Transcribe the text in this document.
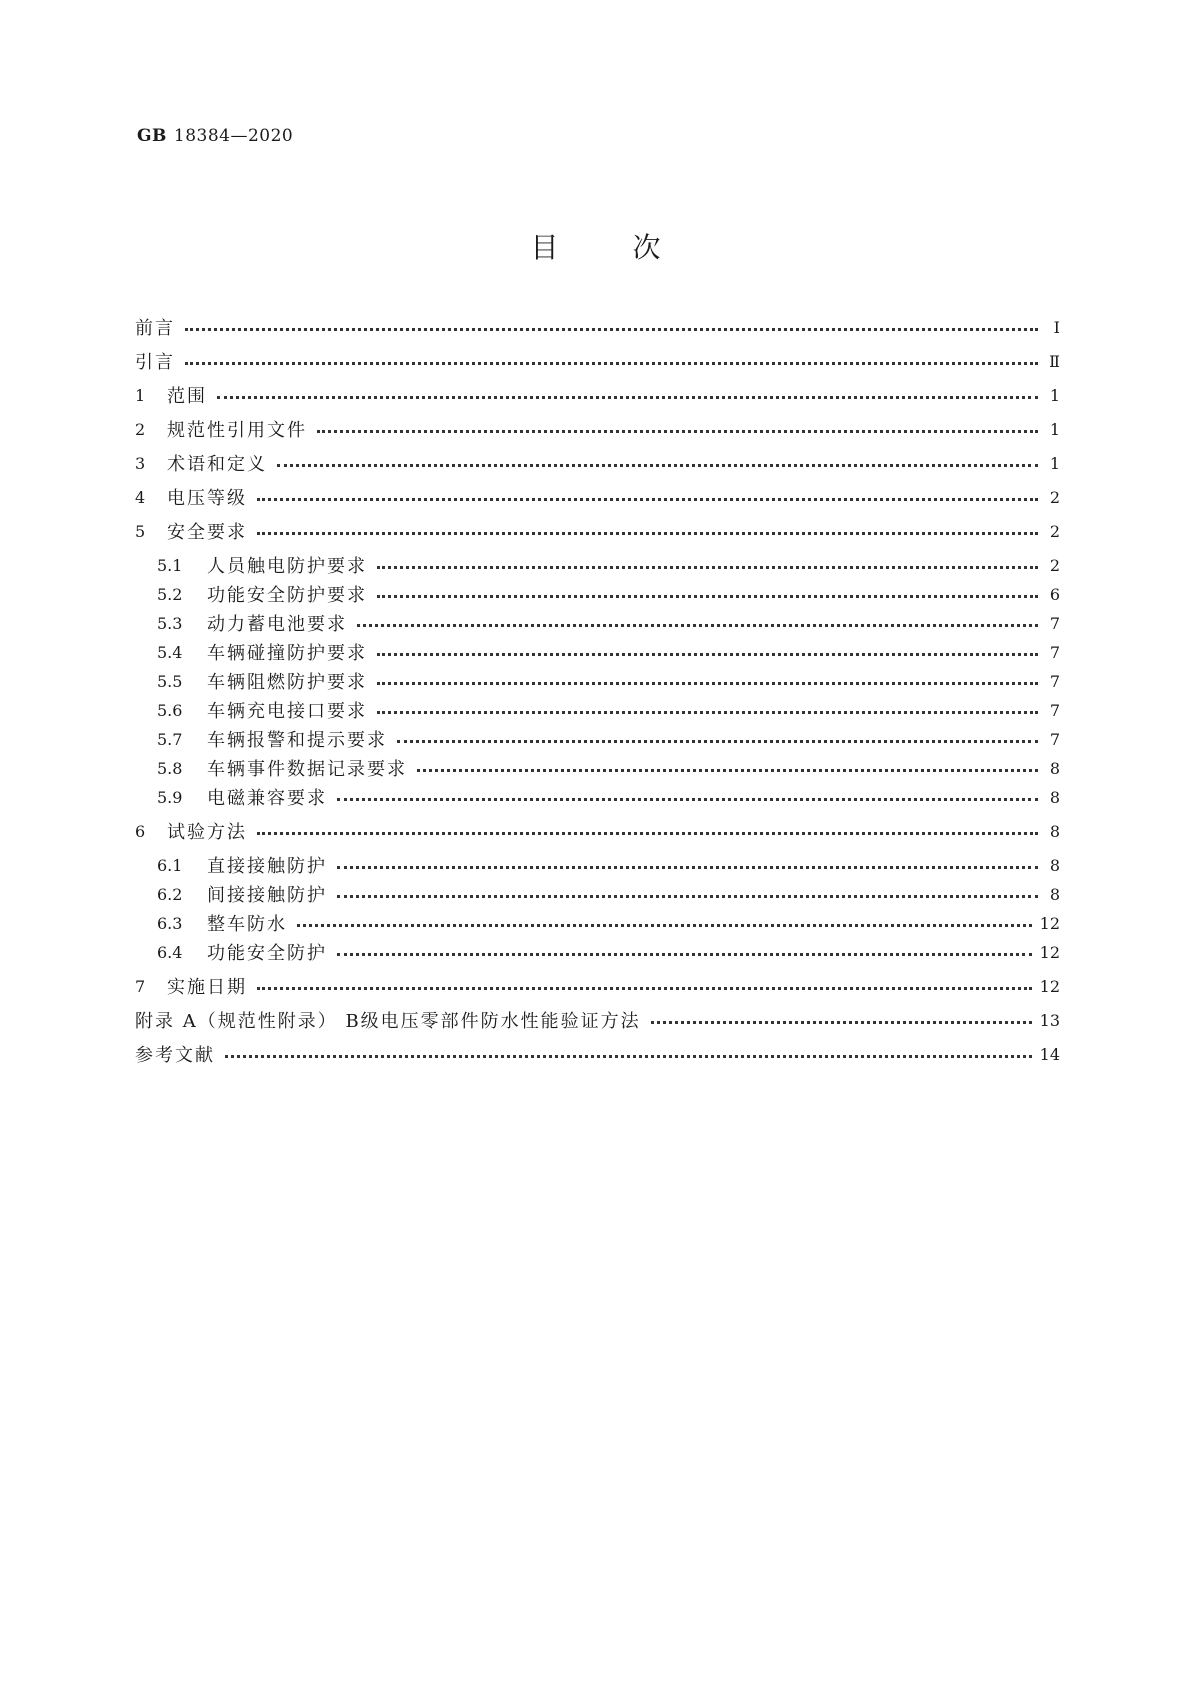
GB 18384—2020
目	次
前言	Ⅰ
引言	Ⅱ
1	范围	1
2	规范性引用文件	1
3	术语和定义	1
4	电压等级	2
5	安全要求	2
5.1	人员触电防护要求	2
5.2	功能安全防护要求	6
5.3	动力蓄电池要求	7
5.4	车辆碰撞防护要求	7
5.5	车辆阻燃防护要求	7
5.6	车辆充电接口要求	7
5.7	车辆报警和提示要求	7
5.8	车辆事件数据记录要求	8
5.9	电磁兼容要求	8
6	试验方法	8
6.1	直接接触防护	8
6.2	间接接触防护	8
6.3	整车防水	12
6.4	功能安全防护	12
7	实施日期	12
附录 A（规范性附录） B级电压零部件防水性能验证方法	13
参考文献	14
